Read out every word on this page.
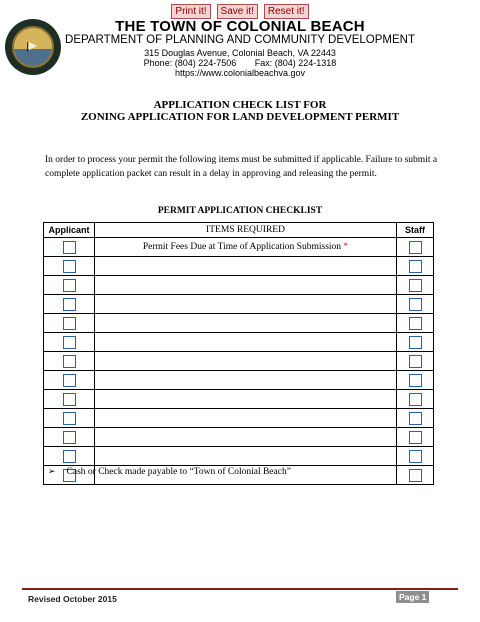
Print it! Save it! Reset it!
THE TOWN OF COLONIAL BEACH
DEPARTMENT OF PLANNING AND COMMUNITY DEVELOPMENT
315 Douglas Avenue, Colonial Beach, VA 22443
Phone: (804) 224-7506 Fax: (804) 224-1318
https://www.colonialbeachva.gov
APPLICATION CHECK LIST FOR
ZONING APPLICATION FOR LAND DEVELOPMENT PERMIT
In order to process your permit the following items must be submitted if applicable. Failure to submit a complete application packet can result in a delay in approving and releasing the permit.
PERMIT APPLICATION CHECKLIST
Applicant	ITEMS REQUIRED	Staff
	Permit Fees Due at Time of Application Submission *	

➢ Cash or Check made payable to “Town of Colonial Beach”
Revised October 2015	Page 1
